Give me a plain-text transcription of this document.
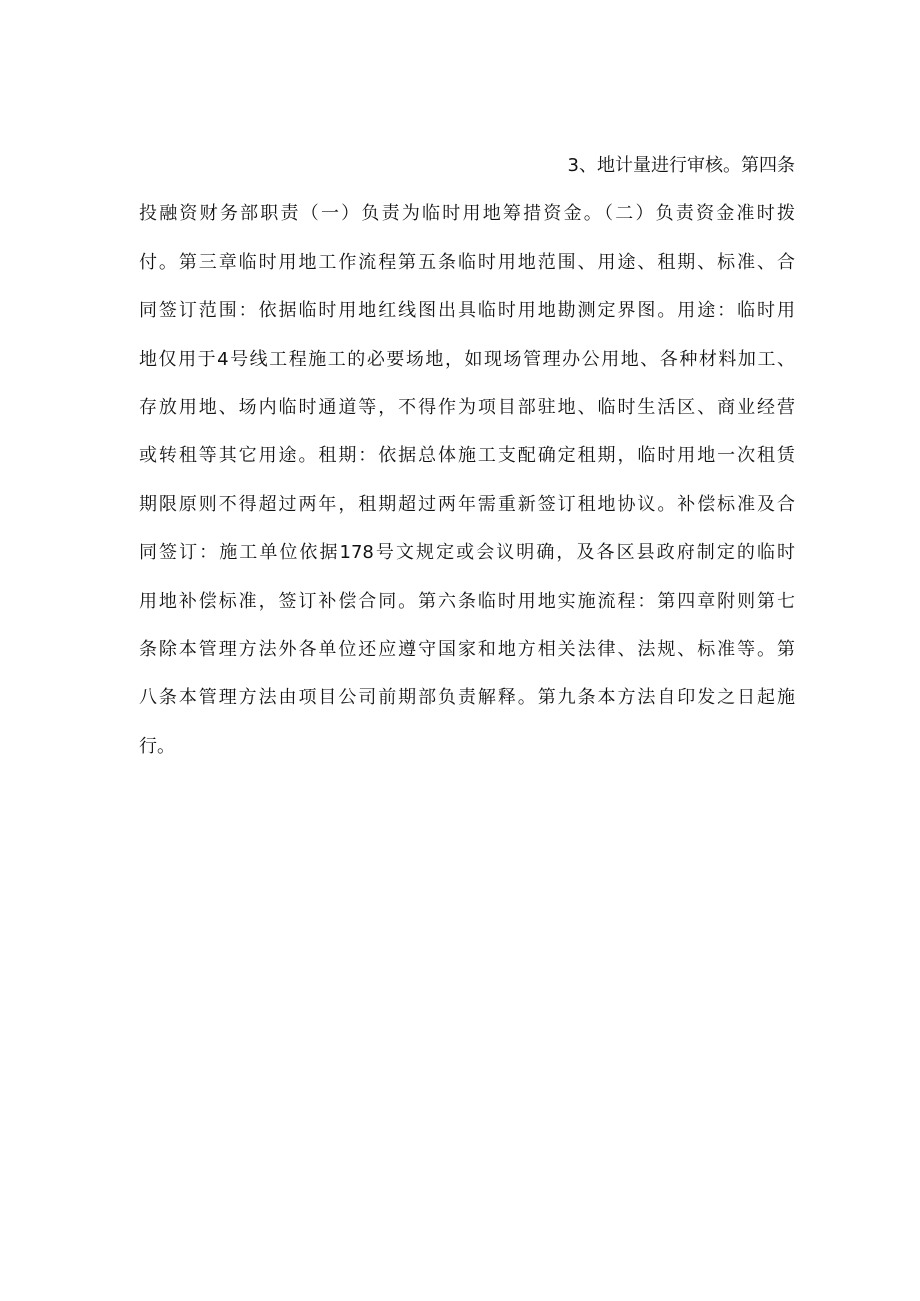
3、地计量进行审核。第四条
投融资财务部职责（一）负责为临时用地筹措资金。（二）负责资金准时拨
付。第三章临时用地工作流程第五条临时用地范围、用途、租期、标准、合
同签订范围：依据临时用地红线图出具临时用地勘测定界图。用途：临时用
地仅用于4号线工程施工的必要场地，如现场管理办公用地、各种材料加工、
存放用地、场内临时通道等，不得作为项目部驻地、临时生活区、商业经营
或转租等其它用途。租期：依据总体施工支配确定租期，临时用地一次租赁
期限原则不得超过两年，租期超过两年需重新签订租地协议。补偿标准及合
同签订：施工单位依据178号文规定或会议明确，及各区县政府制定的临时
用地补偿标准，签订补偿合同。第六条临时用地实施流程：第四章附则第七
条除本管理方法外各单位还应遵守国家和地方相关法律、法规、标准等。第
八条本管理方法由项目公司前期部负责解释。第九条本方法自印发之日起施
行。
